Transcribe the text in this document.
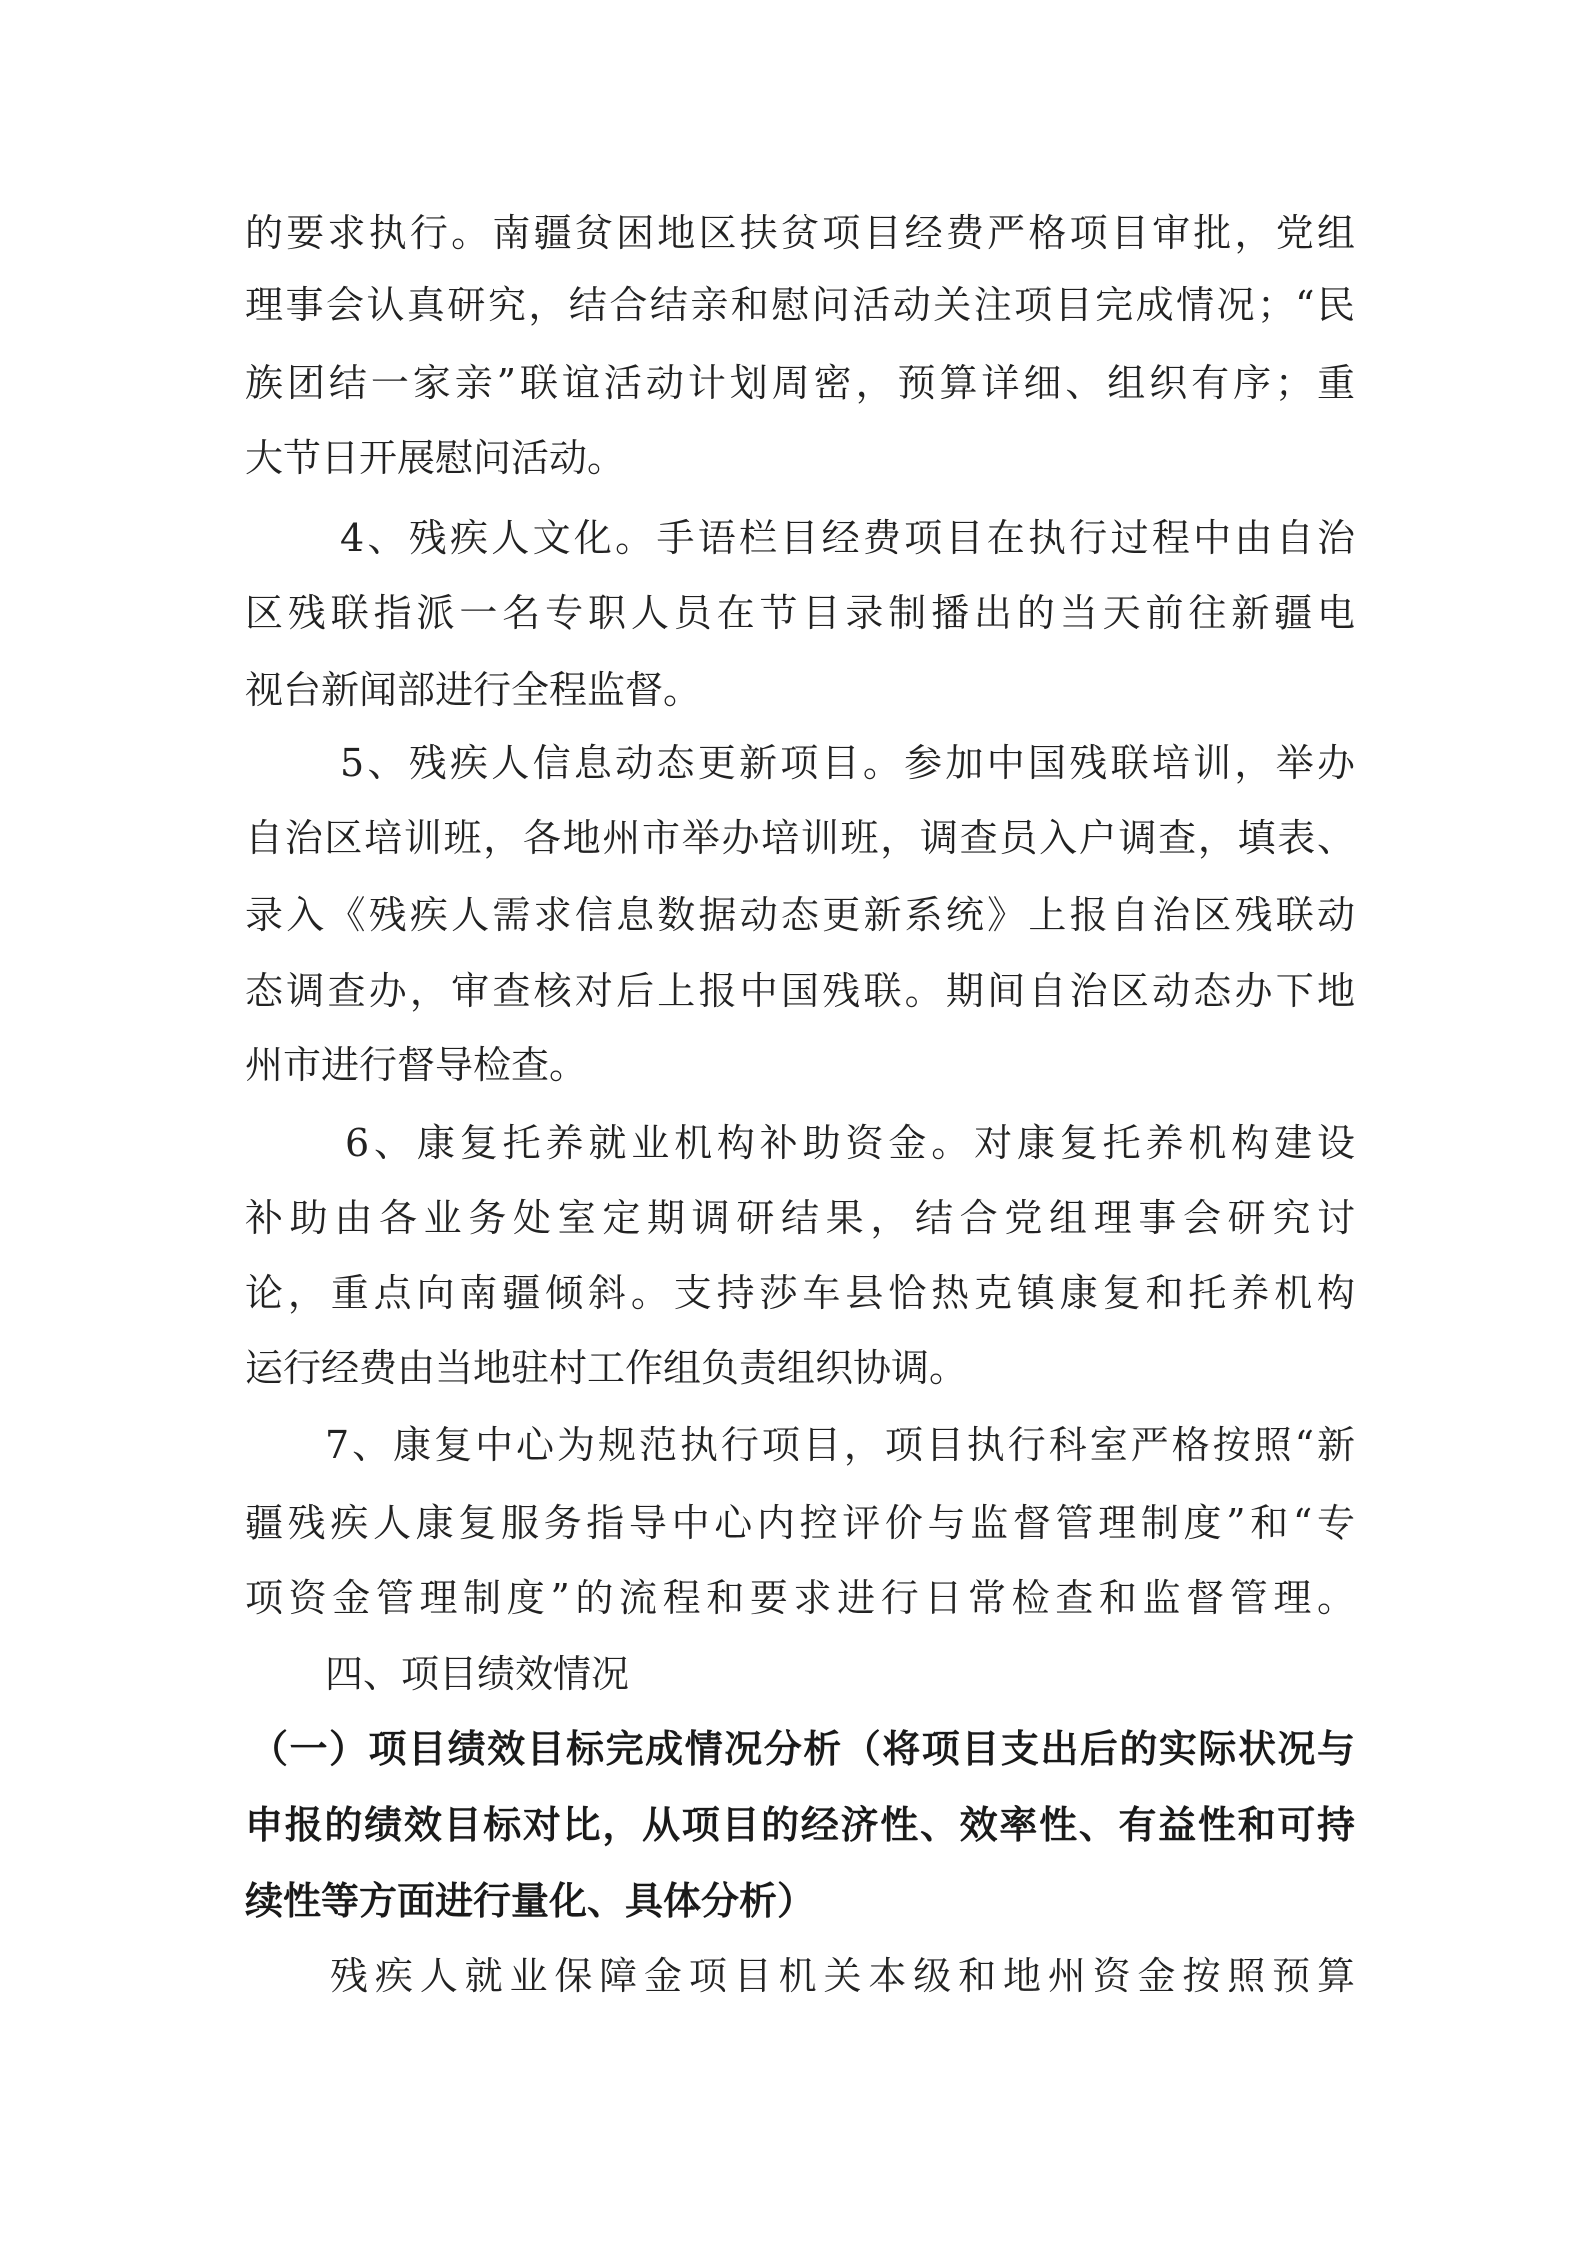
的要求执行。南疆贫困地区扶贫项目经费严格项目审批，党组
理事会认真研究，结合结亲和慰问活动关注项目完成情况；“民
族团结一家亲”联谊活动计划周密，预算详细、组织有序；重
大节日开展慰问活动。
4、残疾人文化。手语栏目经费项目在执行过程中由自治
区残联指派一名专职人员在节目录制播出的当天前往新疆电
视台新闻部进行全程监督。
5、残疾人信息动态更新项目。参加中国残联培训，举办
自治区培训班，各地州市举办培训班，调查员入户调查，填表、
录入《残疾人需求信息数据动态更新系统》上报自治区残联动
态调查办，审查核对后上报中国残联。期间自治区动态办下地
州市进行督导检查。
6、康复托养就业机构补助资金。对康复托养机构建设
补助由各业务处室定期调研结果，结合党组理事会研究讨
论，重点向南疆倾斜。支持莎车县恰热克镇康复和托养机构
运行经费由当地驻村工作组负责组织协调。
7、康复中心为规范执行项目，项目执行科室严格按照“新
疆残疾人康复服务指导中心内控评价与监督管理制度”和“专
项资金管理制度”的流程和要求进行日常检查和监督管理。
四、项目绩效情况
（一）项目绩效目标完成情况分析（将项目支出后的实际状况与
申报的绩效目标对比，从项目的经济性、效率性、有益性和可持
续性等方面进行量化、具体分析）
残疾人就业保障金项目机关本级和地州资金按照预算
